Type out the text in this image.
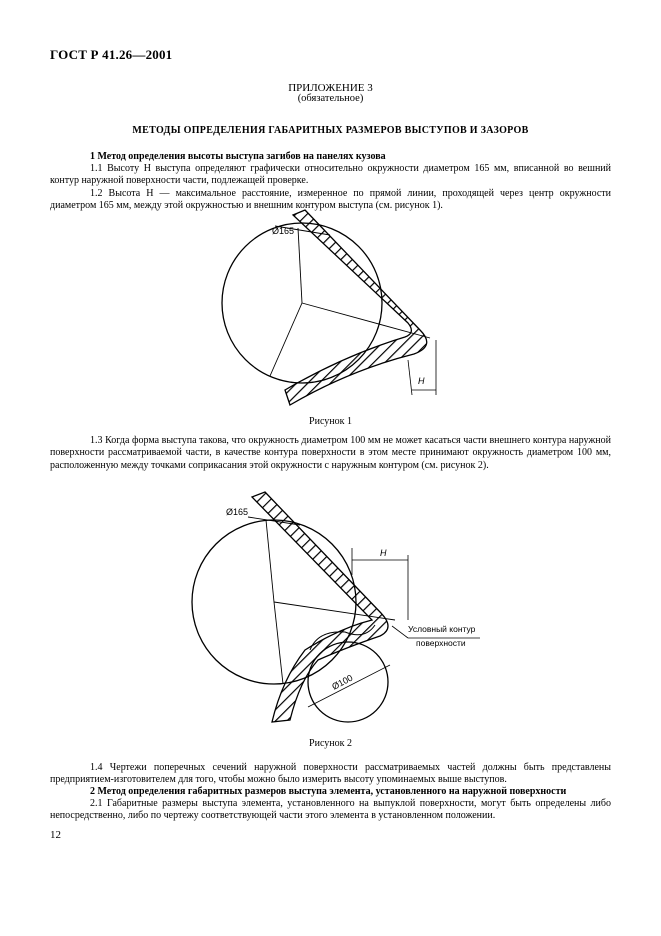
ГОСТ Р 41.26—2001
ПРИЛОЖЕНИЕ 3
(обязательное)
МЕТОДЫ ОПРЕДЕЛЕНИЯ ГАБАРИТНЫХ РАЗМЕРОВ ВЫСТУПОВ И ЗАЗОРОВ
1 Метод определения высоты выступа загибов на панелях кузова
1.1 Высоту H выступа определяют графически относительно окружности диаметром 165 мм, вписанной во вешний контур наружной поверхности части, подлежащей проверке.
1.2 Высота H — максимальное расстояние, измеренное по прямой линии, проходящей через центр окружности диаметром 165 мм, между этой окружностью и внешним контуром выступа (см. рисунок 1).
Ø165
H
Рисунок 1
1.3 Когда форма выступа такова, что окружность диаметром 100 мм не может касаться части внешнего контура наружной поверхности рассматриваемой части, в качестве контура поверхности в этом месте принимают окружность диаметром 100 мм, расположенную между точками соприкасания этой окружности с наружным контуром (см. рисунок 2).
Ø165
H
Ø100
Условный контур
поверхности
Рисунок 2
1.4 Чертежи поперечных сечений наружной поверхности рассматриваемых частей должны быть представлены предприятием-изготовителем для того, чтобы можно было измерить высоту упоминаемых выше выступов.
2 Метод определения габаритных размеров выступа элемента, установленного на наружной поверхности
2.1 Габаритные размеры выступа элемента, установленного на выпуклой поверхности, могут быть определены либо непосредственно, либо по чертежу соответствующей части этого элемента в установленном положении.
12
